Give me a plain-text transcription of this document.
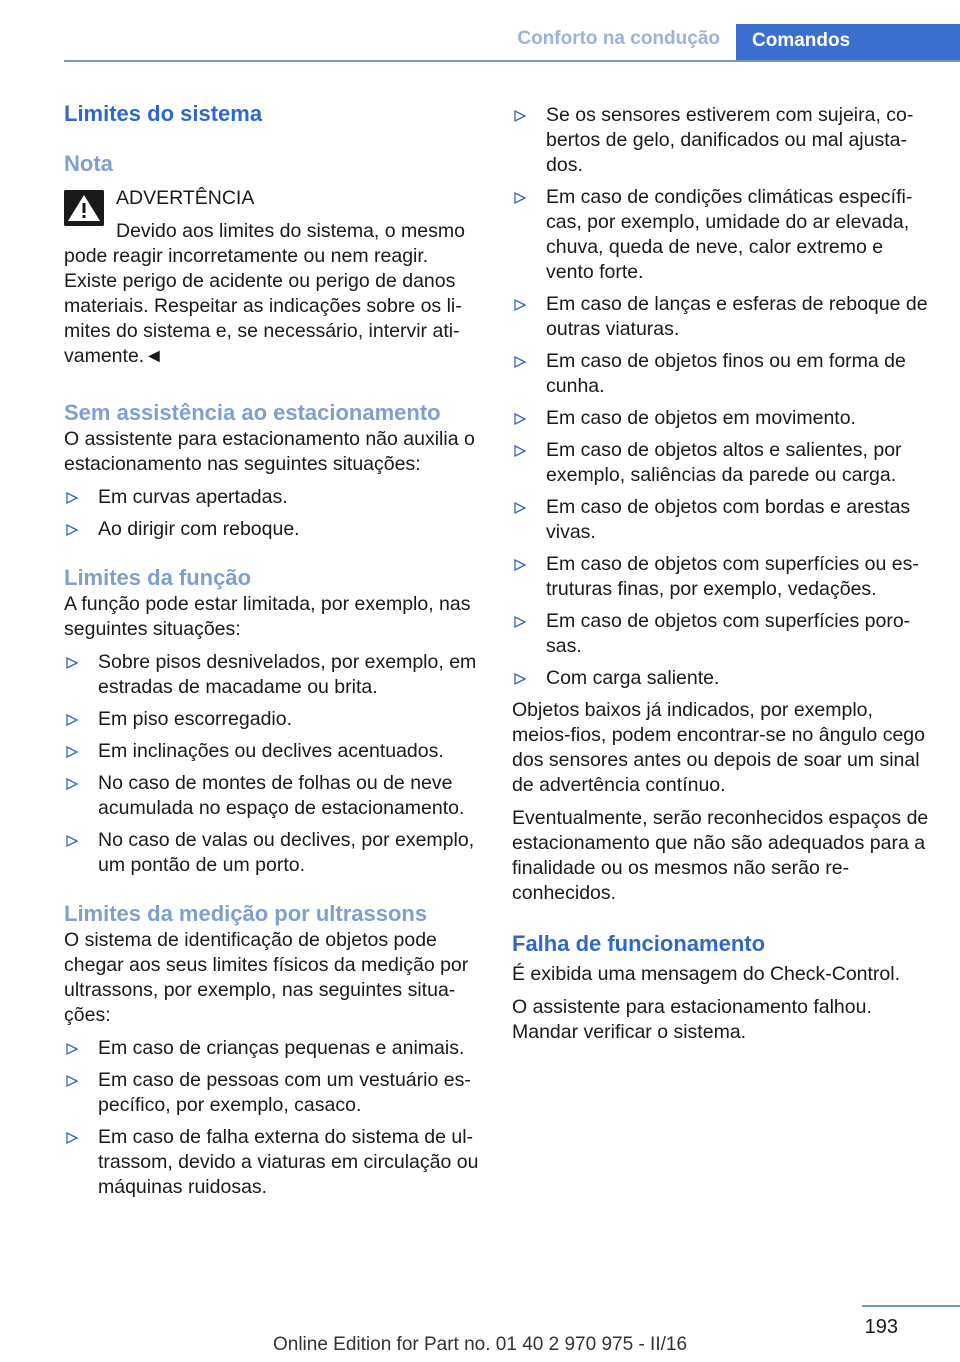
Conforto na condução	Comandos
Limites do sistema
Nota

ADVERTÊNCIA

Devido aos limites do sistema, o mesmo pode reagir incorretamente ou nem reagir. Existe perigo de acidente ou perigo de danos materiais. Respeitar as indicações sobre os li-mites do sistema e, se necessário, intervir ati-vamente.◄

Sem assistência ao estacionamento

O assistente para estacionamento não auxilia o estacionamento nas seguintes situações:

Em curvas apertadas.
Ao dirigir com reboque.
Limites da função

A função pode estar limitada, por exemplo, nas seguintes situações:

Sobre pisos desnivelados, por exemplo, em estradas de macadame ou brita.
Em piso escorregadio.
Em inclinações ou declives acentuados.
No caso de montes de folhas ou de neve acumulada no espaço de estacionamento.
No caso de valas ou declives, por exemplo, um pontão de um porto.
Limites da medição por ultrassons

O sistema de identificação de objetos pode chegar aos seus limites físicos da medição por ultrassons, por exemplo, nas seguintes situa-ções:

Em caso de crianças pequenas e animais.
Em caso de pessoas com um vestuário es-pecífico, por exemplo, casaco.
Em caso de falha externa do sistema de ul-trassom, devido a viaturas em circulação ou máquinas ruidosas.
Se os sensores estiverem com sujeira, co-bertos de gelo, danificados ou mal ajusta-dos.
Em caso de condições climáticas específi-cas, por exemplo, umidade do ar elevada, chuva, queda de neve, calor extremo e vento forte.
Em caso de lanças e esferas de reboque de outras viaturas.
Em caso de objetos finos ou em forma de cunha.
Em caso de objetos em movimento.
Em caso de objetos altos e salientes, por exemplo, saliências da parede ou carga.
Em caso de objetos com bordas e arestas vivas.
Em caso de objetos com superfícies ou es-truturas finas, por exemplo, vedações.
Em caso de objetos com superfícies poro-sas.
Com carga saliente.

Objetos baixos já indicados, por exemplo, meios-fios, podem encontrar-se no ângulo cego dos sensores antes ou depois de soar um sinal de advertência contínuo.

Eventualmente, serão reconhecidos espaços de estacionamento que não são adequados para a finalidade ou os mesmos não serão re-conhecidos.

Falha de funcionamento

É exibida uma mensagem do Check-Control.

O assistente para estacionamento falhou. Mandar verificar o sistema.

193
Online Edition for Part no. 01 40 2 970 975 - II/16
